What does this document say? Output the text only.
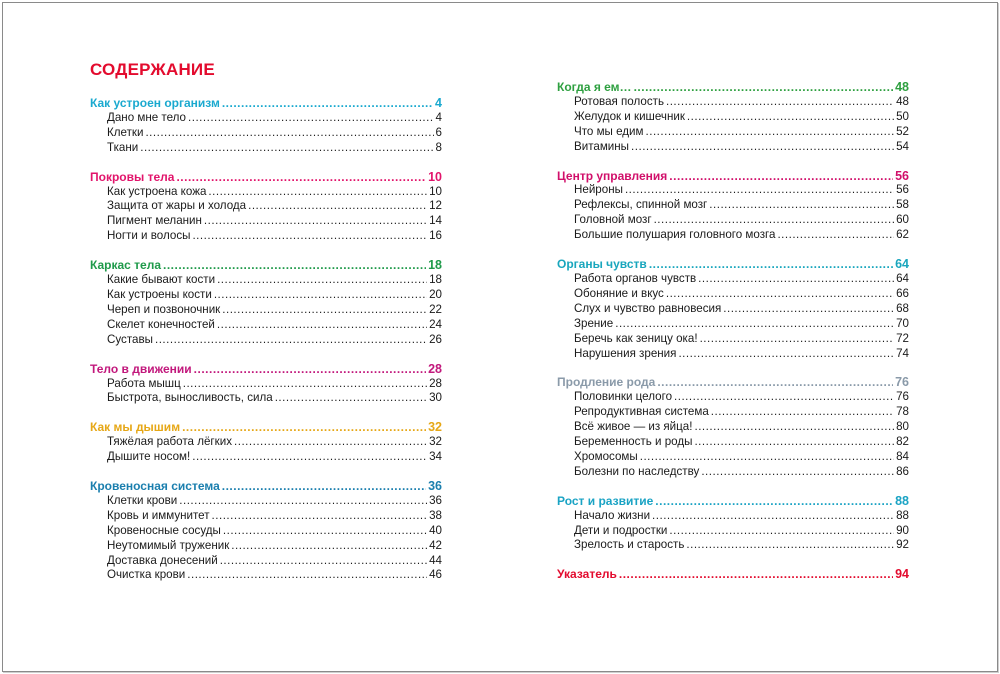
СОДЕРЖАНИЕ
Как устроен организм .....	4
Дано мне тело .....	4
Клетки .....	6
Ткани .....	8
Покровы тела .....	10
Как устроена кожа .....	10
Защита от жары и холода .....	12
Пигмент меланин .....	14
Ногти и волосы .....	16
Каркас тела .....	18
Какие бывают кости .....	18
Как устроены кости .....	20
Череп и позвоночник .....	22
Скелет конечностей .....	24
Суставы .....	26
Тело в движении .....	28
Работа мышц .....	28
Быстрота, выносливость, сила .....	30
Как мы дышим .....	32
Тяжёлая работа лёгких .....	32
Дышите носом! .....	34
Кровеносная система .....	36
Клетки крови .....	36
Кровь и иммунитет .....	38
Кровеносные сосуды .....	40
Неутомимый труженик .....	42
Доставка донесений .....	44
Очистка крови .....	46
Когда я ем… .....	48
Ротовая полость .....	48
Желудок и кишечник .....	50
Что мы едим .....	52
Витамины .....	54
Центр управления .....	56
Нейроны .....	56
Рефлексы, спинной мозг .....	58
Головной мозг .....	60
Большие полушария головного мозга .....	62
Органы чувств .....	64
Работа органов чувств .....	64
Обоняние и вкус .....	66
Слух и чувство равновесия .....	68
Зрение .....	70
Беречь как зеницу ока! .....	72
Нарушения зрения .....	74
Продление рода .....	76
Половинки целого .....	76
Репродуктивная система .....	78
Всё живое — из яйца! .....	80
Беременность и роды .....	82
Хромосомы .....	84
Болезни по наследству .....	86
Рост и развитие .....	88
Начало жизни .....	88
Дети и подростки .....	90
Зрелость и старость .....	92
Указатель .....	94
